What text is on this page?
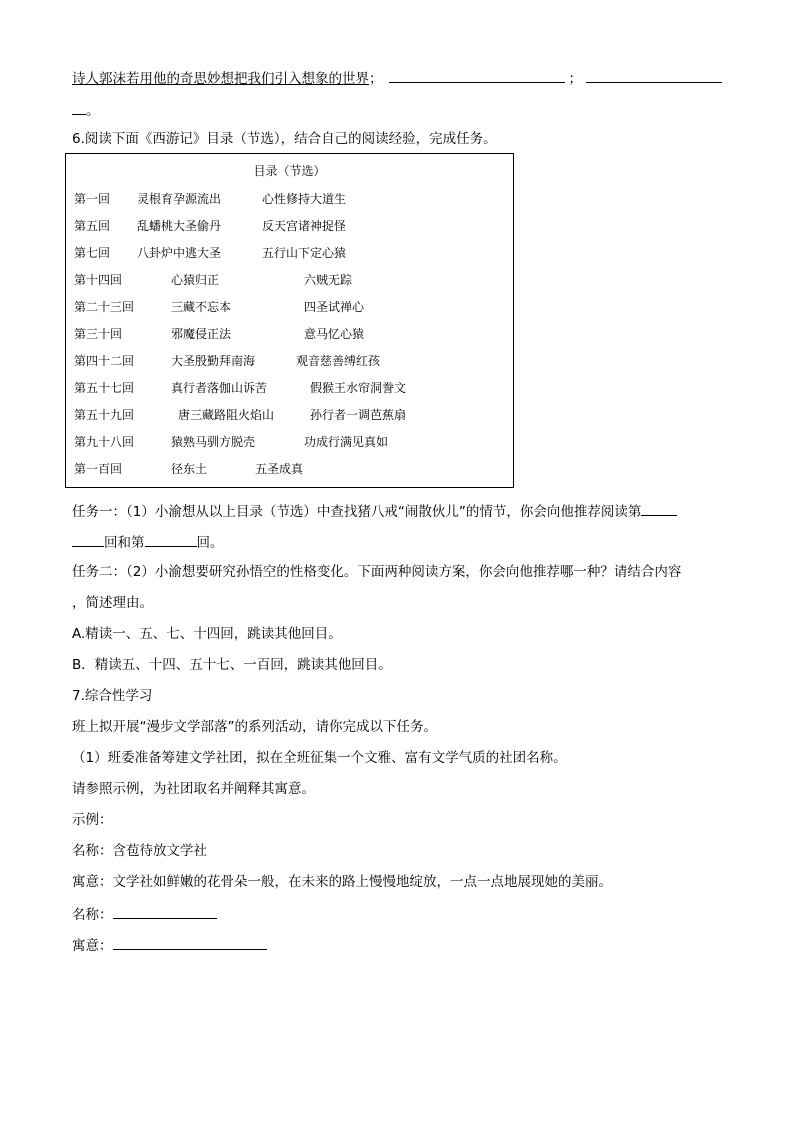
诗人郭沫若用他的奇思妙想把我们引入想象的世界；	；
。
6.阅读下面《西游记》目录（节选），结合自己的阅读经验，完成任务。
目录（节选）
第一回 灵根育孕源流出	心性修持大道生
第五回 乱蟠桃大圣偷丹	反天宫诸神捉怪
第七回 八卦炉中逃大圣	五行山下定心猿
第十四回	心猿归正	六贼无踪
第二十三回	三藏不忘本	四圣试禅心
第三十回	邪魔侵正法	意马忆心猿
第四十二回	大圣殷勤拜南海	观音慈善缚红孩
第五十七回	真行者落伽山诉苦	假猴王水帘洞誊文
第五十九回	唐三藏路阻火焰山	孙行者一调芭蕉扇
第九十八回	猿熟马驯方脱壳	功成行满见真如
第一百回	径东土	五圣成真
任务一：（1）小渝想从以上目录（节选）中查找猪八戒“闹散伙儿”的情节，你会向他推荐阅读第
回和第	回。
任务二：（2）小渝想要研究孙悟空的性格变化。下面两种阅读方案，你会向他推荐哪一种？请结合内容
，简述理由。
A.精读一、五、七、十四回，跳读其他回目。
B．精读五、十四、五十七、一百回，跳读其他回目。
7.综合性学习
班上拟开展“漫步文学部落”的系列活动，请你完成以下任务。
（1）班委准备筹建文学社团，拟在全班征集一个文雅、富有文学气质的社团名称。
请参照示例，为社团取名并阐释其寓意。
示例：
名称：含苞待放文学社
寓意：文学社如鲜嫩的花骨朵一般，在未来的路上慢慢地绽放，一点一点地展现她的美丽。
名称：
寓意：
